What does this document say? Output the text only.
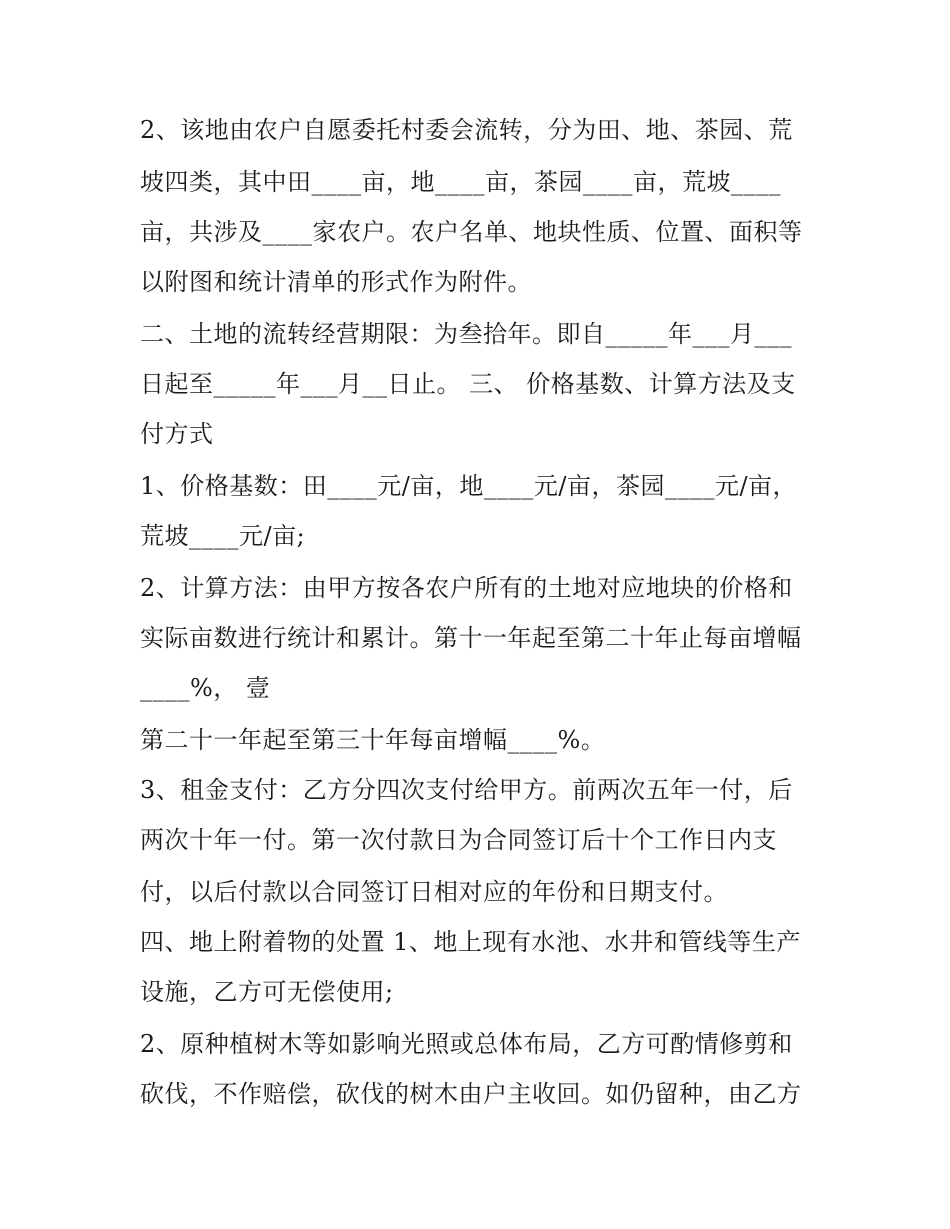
2、该地由农户自愿委托村委会流转，分为田、地、茶园、荒
坡四类，其中田____亩，地____亩，茶园____亩，荒坡____
亩，共涉及____家农户。农户名单、地块性质、位置、面积等
以附图和统计清单的形式作为附件。
二、土地的流转经营期限：为叁拾年。即自_____年___月___
日起至_____年___月__日止。 三、 价格基数、计算方法及支
付方式
1、价格基数：田____元/亩，地____元/亩，茶园____元/亩，
荒坡____元/亩;
2、计算方法：由甲方按各农户所有的土地对应地块的价格和
实际亩数进行统计和累计。第十一年起至第二十年止每亩增幅
____%， 壹
第二十一年起至第三十年每亩增幅____%。
3、租金支付：乙方分四次支付给甲方。前两次五年一付，后
两次十年一付。第一次付款日为合同签订后十个工作日内支
付，以后付款以合同签订日相对应的年份和日期支付。
四、地上附着物的处置 1、地上现有水池、水井和管线等生产
设施，乙方可无偿使用;
2、原种植树木等如影响光照或总体布局，乙方可酌情修剪和
砍伐，不作赔偿，砍伐的树木由户主收回。如仍留种，由乙方
